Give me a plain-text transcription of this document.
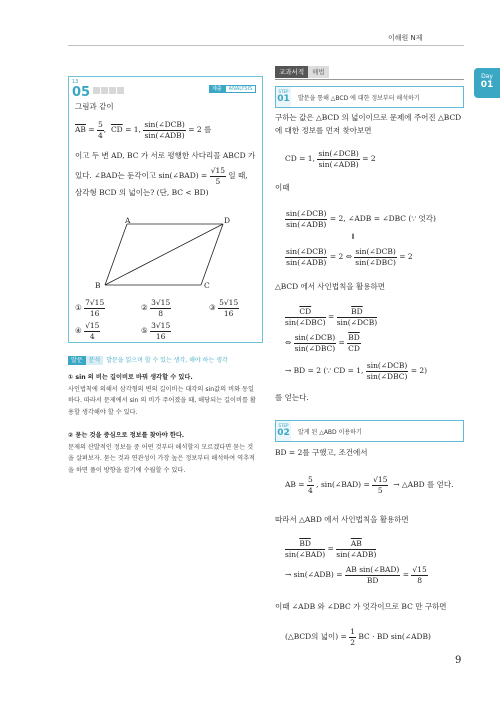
이해원 N제
Day
01
13
05	제출 ANALYSIS
그림과 같이
$\overline{AB} = \frac{5}{4}$ ,  $\overline{CD} = 1$, $\frac{\text{sin(∠DCB)}}{\text{sin(∠ADB)}} = 2$ 를
이고 두 변 AD, BC 가 서로 평행한 사다리꼴 ABCD 가
있다. ∠BAD는 둔각이고 sin(∠BAD) = $\frac{√15}{5}$ 일 때,
삼각형 BCD 의 넓이는? (단, BC < BD)
A	D
B	C
① $\frac{7√15}{16}$	② $\frac{3√15}{8}$	③ $\frac{5√15}{16}$
④ $\frac{√15}{4}$	⑤ $\frac{3√15}{16}$
발문 분석 발문을 읽으며 할 수 있는 생각, 해야 하는 생각
① sin 의 비는 길이비로 바꿔 생각할 수 있다.
사인법칙에 의해서 삼각형의 변의 길이비는 대각의 sin값의 비와 동일
하다. 따라서 문제에서 sin 의 비가 주어졌을 때, 해당되는 길이비를 활
용할 생각해야 할 수 있다.
② 묻는 것을 중심으로 정보를 찾아야 한다.
문제의 산발적인 정보들 중 어떤 것부터 해석할지 모르겠다면 묻는 것
을 살펴보자. 묻는 것과 연관성이 가장 높은 정보부터 해석하여 역추적
을 하면 풀이 방향을 잡기에 수월할 수 있다.
교과서적 해법
STEP
01 발문을 통해 △BCD 에 대한 정보부터 해석하기
구하는 값은 △BCD 의 넓이이므로 문제에 주어진 △BCD
에 대한 정보를 먼저 찾아보면
CD = 1, $\frac{\text{sin(∠DCB)}}{\text{sin(∠ADB)}} = 2$
이때
$\frac{\text{sin(∠DCB)}}{\text{sin(∠ADB)}} = 2$, ∠ADB = ∠DBC (∵ 엇각)
⇓
$\frac{\text{sin(∠DCB)}}{\text{sin(∠ADB)}} = 2$ ⇔ $\frac{\text{sin(∠DCB)}}{\text{sin(∠DBC)}} = 2$
△BCD 에서 사인법칙을 활용하면
$\frac{\overline{CD}}{\text{sin(∠DBC)}} = \frac{\overline{BD}}{\text{sin(∠DCB)}}$
⇔ $\frac{\text{sin(∠DCB)}}{\text{sin(∠DBC)}} = \frac{\overline{BD}}{CD}$
→ BD = 2 (∵ CD = 1, $\frac{\text{sin(∠DCB)}}{\text{sin(∠DBC)}} = 2$)
를 얻는다.
STEP
02 알게 된 △ABD 이용하기
BD = 2를 구했고, 조건에서
AB = $\frac{5}{4}$ , sin(∠BAD) = $\frac{√15}{5}$ → △ABD 를 얻다.
따라서 △ABD 에서 사인법칙을 활용하면
$\frac{\overline{BD}}{\text{sin(∠BAD)}} = \frac{\overline{AB}}{\text{sin(∠ADB)}}$
→ sin(∠ADB) = $\frac{\text{AB sin(∠BAD)}}{BD} = \frac{√15}{8}$
이때 ∠ADB 와 ∠DBC 가 엇각이므로 BC 만 구하면
(△BCD의 넓이) = $\frac{1}{2}$ BC · BD sin(∠ADB)
9
